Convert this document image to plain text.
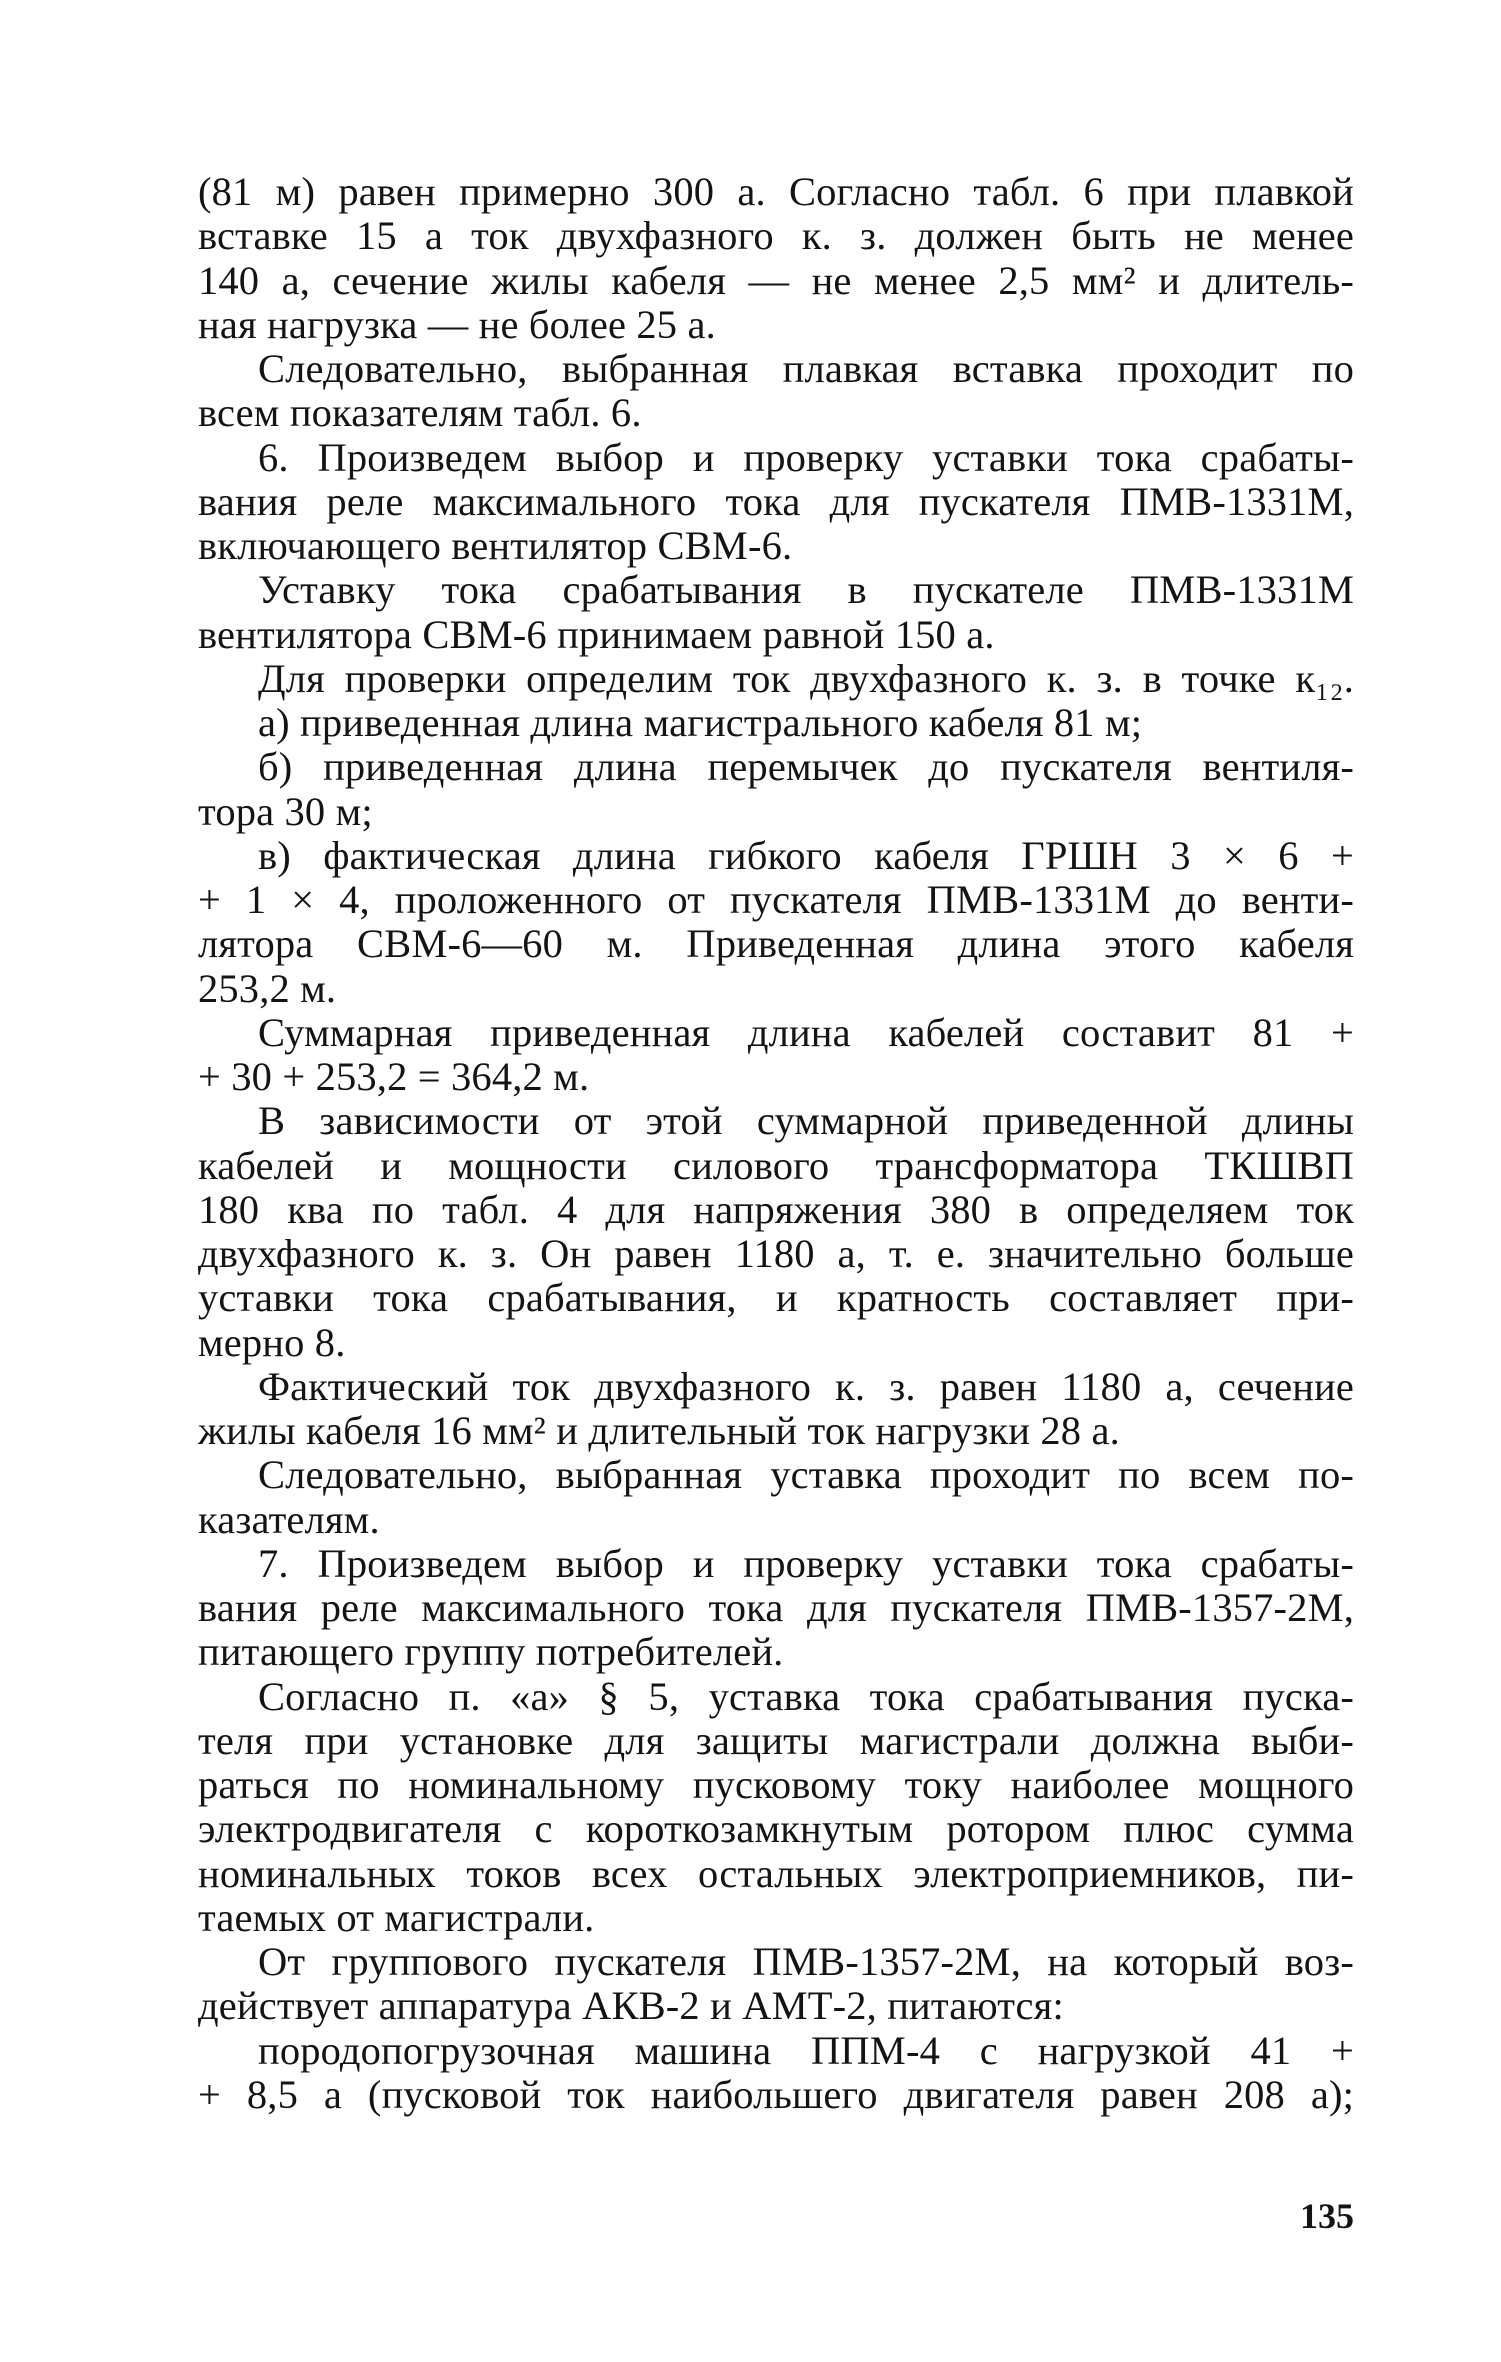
(81 м) равен примерно 300 а. Согласно табл. 6 при плавкой
вставке 15 а ток двухфазного к. з. должен быть не менее
140 а, сечение жилы кабеля — не менее 2,5 мм² и длитель-
ная нагрузка — не более 25 а.
Следовательно, выбранная плавкая вставка проходит по
всем показателям табл. 6.
6. Произведем выбор и проверку уставки тока срабаты-
вания реле максимального тока для пускателя ПМВ-1331М,
включающего вентилятор СВМ-6.
Уставку тока срабатывания в пускателе ПМВ-1331М
вентилятора СВМ-6 принимаем равной 150 а.
Для проверки определим ток двухфазного к. з. в точке к₁₂.
а) приведенная длина магистрального кабеля 81 м;
б) приведенная длина перемычек до пускателя вентиля-
тора 30 м;
в) фактическая длина гибкого кабеля ГРШН 3 × 6 +
+ 1 × 4, проложенного от пускателя ПМВ-1331М до венти-
лятора СВМ-6—60 м. Приведенная длина этого кабеля
253,2 м.
Суммарная приведенная длина кабелей составит 81 +
+ 30 + 253,2 = 364,2 м.
В зависимости от этой суммарной приведенной длины
кабелей и мощности силового трансформатора ТКШВП
180 ква по табл. 4 для напряжения 380 в определяем ток
двухфазного к. з. Он равен 1180 а, т. е. значительно больше
уставки тока срабатывания, и кратность составляет при-
мерно 8.
Фактический ток двухфазного к. з. равен 1180 а, сечение
жилы кабеля 16 мм² и длительный ток нагрузки 28 а.
Следовательно, выбранная уставка проходит по всем по-
казателям.
7. Произведем выбор и проверку уставки тока срабаты-
вания реле максимального тока для пускателя ПМВ-1357-2М,
питающего группу потребителей.
Согласно п. «а» § 5, уставка тока срабатывания пуска-
теля при установке для защиты магистрали должна выби-
раться по номинальному пусковому току наиболее мощного
электродвигателя с короткозамкнутым ротором плюс сумма
номинальных токов всех остальных электроприемников, пи-
таемых от магистрали.
От группового пускателя ПМВ-1357-2М, на который воз-
действует аппаратура АКВ-2 и АМТ-2, питаются:
породопогрузочная машина ППМ-4 с нагрузкой 41 +
+ 8,5 а (пусковой ток наибольшего двигателя равен 208 а);
135
